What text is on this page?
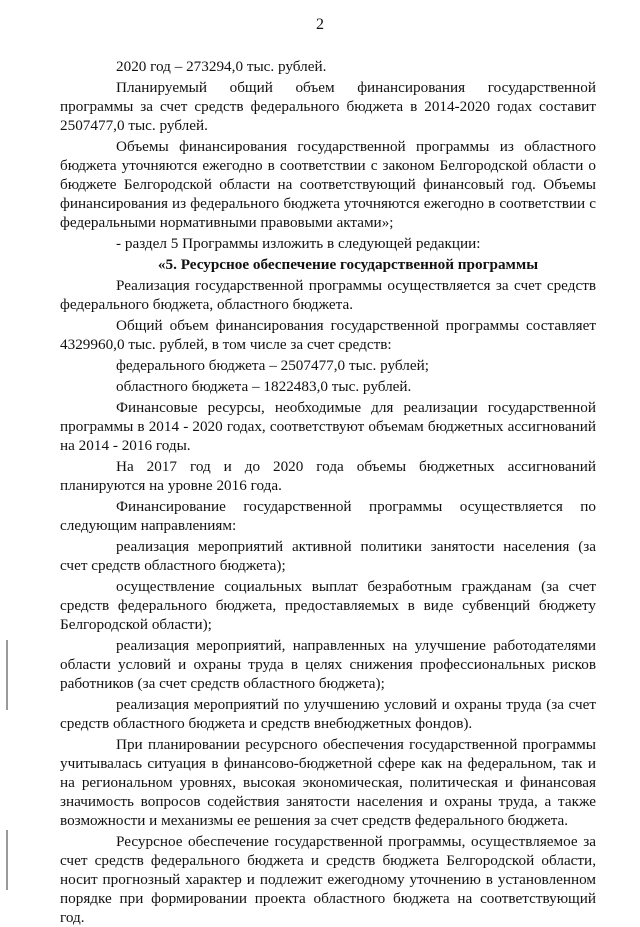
2

2020 год – 273294,0 тыс. рублей.

Планируемый общий объем финансирования государственной программы за счет средств федерального бюджета в 2014-2020 годах составит 2507477,0 тыс. рублей.

Объемы финансирования государственной программы из областного бюджета уточняются ежегодно в соответствии с законом Белгородской области о бюджете Белгородской области на соответствующий финансовый год. Объемы финансирования из федерального бюджета уточняются ежегодно в соответствии с федеральными нормативными правовыми актами»;

- раздел 5 Программы изложить в следующей редакции:

«5. Ресурсное обеспечение государственной программы

Реализация государственной программы осуществляется за счет средств федерального бюджета, областного бюджета.

Общий объем финансирования государственной программы составляет 4329960,0 тыс. рублей, в том числе за счет средств:

федерального бюджета – 2507477,0 тыс. рублей;

областного бюджета – 1822483,0 тыс. рублей.

Финансовые ресурсы, необходимые для реализации государственной программы в 2014 - 2020 годах, соответствуют объемам бюджетных ассигнований на 2014 - 2016 годы.

На 2017 год и до 2020 года объемы бюджетных ассигнований планируются на уровне 2016 года.

Финансирование государственной программы осуществляется по следующим направлениям:

реализация мероприятий активной политики занятости населения (за счет средств областного бюджета);

осуществление социальных выплат безработным гражданам (за счет средств федерального бюджета, предоставляемых в виде субвенций бюджету Белгородской области);

реализация мероприятий, направленных на улучшение работодателями области условий и охраны труда в целях снижения профессиональных рисков работников (за счет средств областного бюджета);

реализация мероприятий по улучшению условий и охраны труда (за счет средств областного бюджета и средств внебюджетных фондов).

При планировании ресурсного обеспечения государственной программы учитывалась ситуация в финансово-бюджетной сфере как на федеральном, так и на региональном уровнях, высокая экономическая, политическая и финансовая значимость вопросов содействия занятости населения и охраны труда, а также возможности и механизмы ее решения за счет средств федерального бюджета.

Ресурсное обеспечение государственной программы, осуществляемое за счет средств федерального бюджета и средств бюджета Белгородской области, носит прогнозный характер и подлежит ежегодному уточнению в установленном порядке при формировании проекта областного бюджета на соответствующий год.
